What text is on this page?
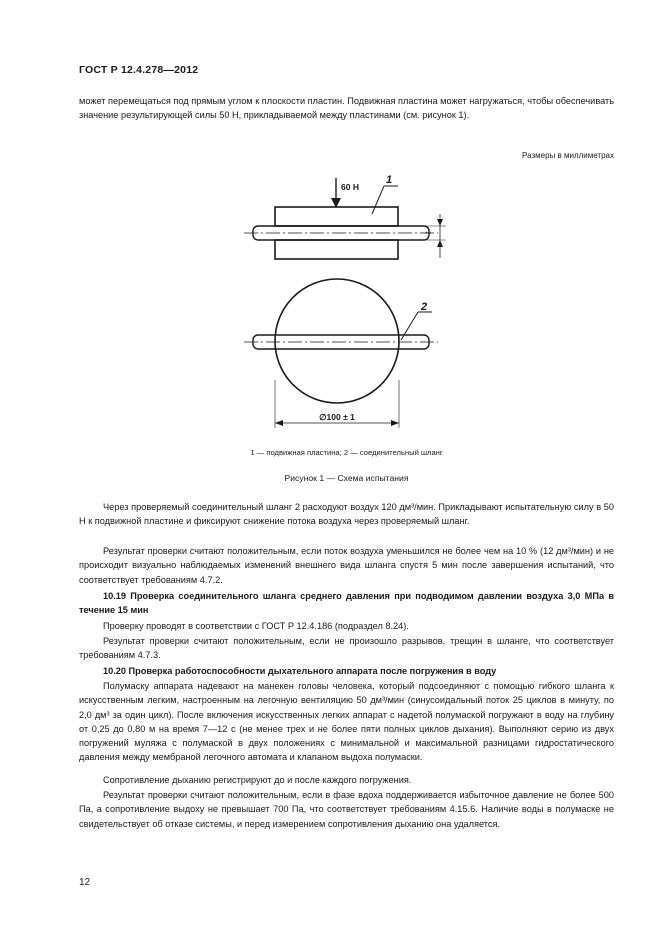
ГОСТ Р 12.4.278—2012
может перемещаться под прямым углом к плоскости пластин. Подвижная пластина может нагружаться, чтобы обеспечивать значение результирующей силы 50 Н, прикладываемой между пластинами (см. рисунок 1).
Размеры в миллиметрах
60 Н
1
t
2
∅100 ± 1
1 — подвижная пластина; 2 — соединительный шланг
Рисунок 1 — Схема испытания
Через проверяемый соединительный шланг 2 расходуют воздух 120 дм³/мин. Прикладывают испытательную силу в 50 Н к подвижной пластине и фиксируют снижение потока воздуха через проверяемый шланг.
Результат проверки считают положительным, если поток воздуха уменьшился не более чем на 10 % (12 дм³/мин) и не происходит визуально наблюдаемых изменений внешнего вида шланга спустя 5 мин после завершения испытаний, что соответствует требованиям 4.7.2.
10.19 Проверка соединительного шланга среднего давления при подводимом давлении воздуха 3,0 МПа в течение 15 мин
Проверку проводят в соответствии с ГОСТ Р 12.4.186 (подраздел 8.24).
Результат проверки считают положительным, если не произошло разрывов, трещин в шланге, что соответствует требованиям 4.7.3.
10.20 Проверка работоспособности дыхательного аппарата после погружения в воду
Полумаску аппарата надевают на манекен головы человека, который подсоединяют с помощью гибкого шланга к искусственным легким, настроенным на легочную вентиляцию 50 дм³/мин (синусоидальный поток 25 циклов в минуту, по 2,0 дм³ за один цикл). После включения искусственных легких аппарат с надетой полумаской погружают в воду на глубину от 0,25 до 0,80 м на время 7—12 с (не менее трех и не более пяти полных циклов дыхания). Выполняют серию из двух погружений муляжа с полумаской в двух положениях с минимальной и максимальной разницами гидростатического давления между мембраной легочного автомата и клапаном выдоха полумаски.
Сопротивление дыханию регистрируют до и после каждого погружения.
Результат проверки считают положительным, если в фазе вдоха поддерживается избыточное давление не более 500 Па, а сопротивление выдоху не превышает 700 Па, что соответствует требованиям 4.15.6. Наличие воды в полумаске не свидетельствует об отказе системы, и перед измерением сопротивления дыханию она удаляется.
12
